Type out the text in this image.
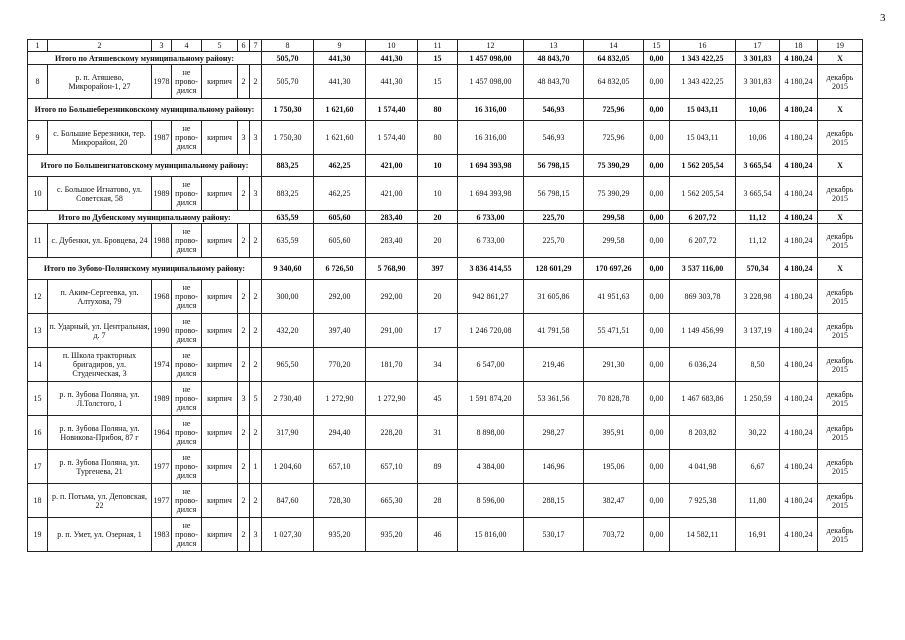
3
1	2	3	4	5	6	7	8	9	10	11	12	13	14	15	16	17	18	19
Итого по Атяшевскому муниципальному району:							505,70	441,30	441,30	15	1 457 098,00	48 843,70	64 832,05	0,00	1 343 422,25	3 301,83	4 180,24	X
8	р. п. Атяшево, Микрорайон-1, 27	1978	не прово-дился	кирпич	2	2	505,70	441,30	441,30	15	1 457 098,00	48 843,70	64 832,05	0,00	1 343 422,25	3 301,83	4 180,24	декабрь 2015
Итого по Большеберезниковскому муниципальному району:							1 750,30	1 621,60	1 574,40	80	16 316,00	546,93	725,96	0,00	15 043,11	10,06	4 180,24	X
9	с. Большие Березники, тер. Микрорайон, 20	1987	не прово-дился	кирпич	3	3	1 750,30	1 621,60	1 574,40	80	16 316,00	546,93	725,96	0,00	15 043,11	10,06	4 180,24	декабрь 2015
Итого по Большеигнатовскому муниципальному району:							883,25	462,25	421,00	10	1 694 393,98	56 798,15	75 390,29	0,00	1 562 205,54	3 665,54	4 180,24	X
10	с. Большое Игнатово, ул. Советская, 58	1989	не прово-дился	кирпич	2	3	883,25	462,25	421,00	10	1 694 393,98	56 798,15	75 390,29	0,00	1 562 205,54	3 665,54	4 180,24	декабрь 2015
Итого по Дубенскому муниципальному району:							635,59	605,60	283,40	20	6 733,00	225,70	299,58	0,00	6 207,72	11,12	4 180,24	X
11	с. Дубенки, ул. Бровцева, 24	1988	не прово-дился	кирпич	2	2	635,59	605,60	283,40	20	6 733,00	225,70	299,58	0,00	6 207,72	11,12	4 180,24	декабрь 2015
Итого по Зубово-Полянскому муниципальному району:							9 340,60	6 726,50	5 768,90	397	3 836 414,55	128 601,29	170 697,26	0,00	3 537 116,00	570,34	4 180,24	X
12	п. Аким-Сергеевка, ул. Алтухова, 79	1968	не прово-дился	кирпич	2	2	300,00	292,00	292,00	20	942 861,27	31 605,86	41 951,63	0,00	869 303,78	3 228,98	4 180,24	декабрь 2015
13	п. Ударный, ул. Центральная, д. 7	1990	не прово-дился	кирпич	2	2	432,20	397,40	291,00	17	1 246 720,08	41 791,58	55 471,51	0,00	1 149 456,99	3 137,19	4 180,24	декабрь 2015
14	п. Школа тракторных бригадиров, ул. Студенческая, 3	1974	не прово-дился	кирпич	2	2	965,50	770,20	181,70	34	6 547,00	219,46	291,30	0,00	6 036,24	8,50	4 180,24	декабрь 2015
15	р. п. Зубова Поляна, ул. Л.Толстого, 1	1989	не прово-дился	кирпич	3	5	2 730,40	1 272,90	1 272,90	45	1 591 874,20	53 361,56	70 828,78	0,00	1 467 683,86	1 250,59	4 180,24	декабрь 2015
16	р. п. Зубова Поляна, ул. Новикова-Прибоя, 87 г	1964	не прово-дился	кирпич	2	2	317,90	294,40	228,20	31	8 898,00	298,27	395,91	0,00	8 203,82	30,22	4 180,24	декабрь 2015
17	р. п. Зубова Поляна, ул. Тургенева, 21	1977	не прово-дился	кирпич	2	1	1 204,60	657,10	657,10	89	4 384,00	146,96	195,06	0,00	4 041,98	6,67	4 180,24	декабрь 2015
18	р. п. Потьма, ул. Деповская, 22	1977	не прово-дился	кирпич	2	2	847,60	728,30	665,30	28	8 596,00	288,15	382,47	0,00	7 925,38	11,80	4 180,24	декабрь 2015
19	р. п. Умет, ул. Озерная, 1	1983	не прово-дился	кирпич	2	3	1 027,30	935,20	935,20	46	15 816,00	530,17	703,72	0,00	14 582,11	16,91	4 180,24	декабрь 2015
